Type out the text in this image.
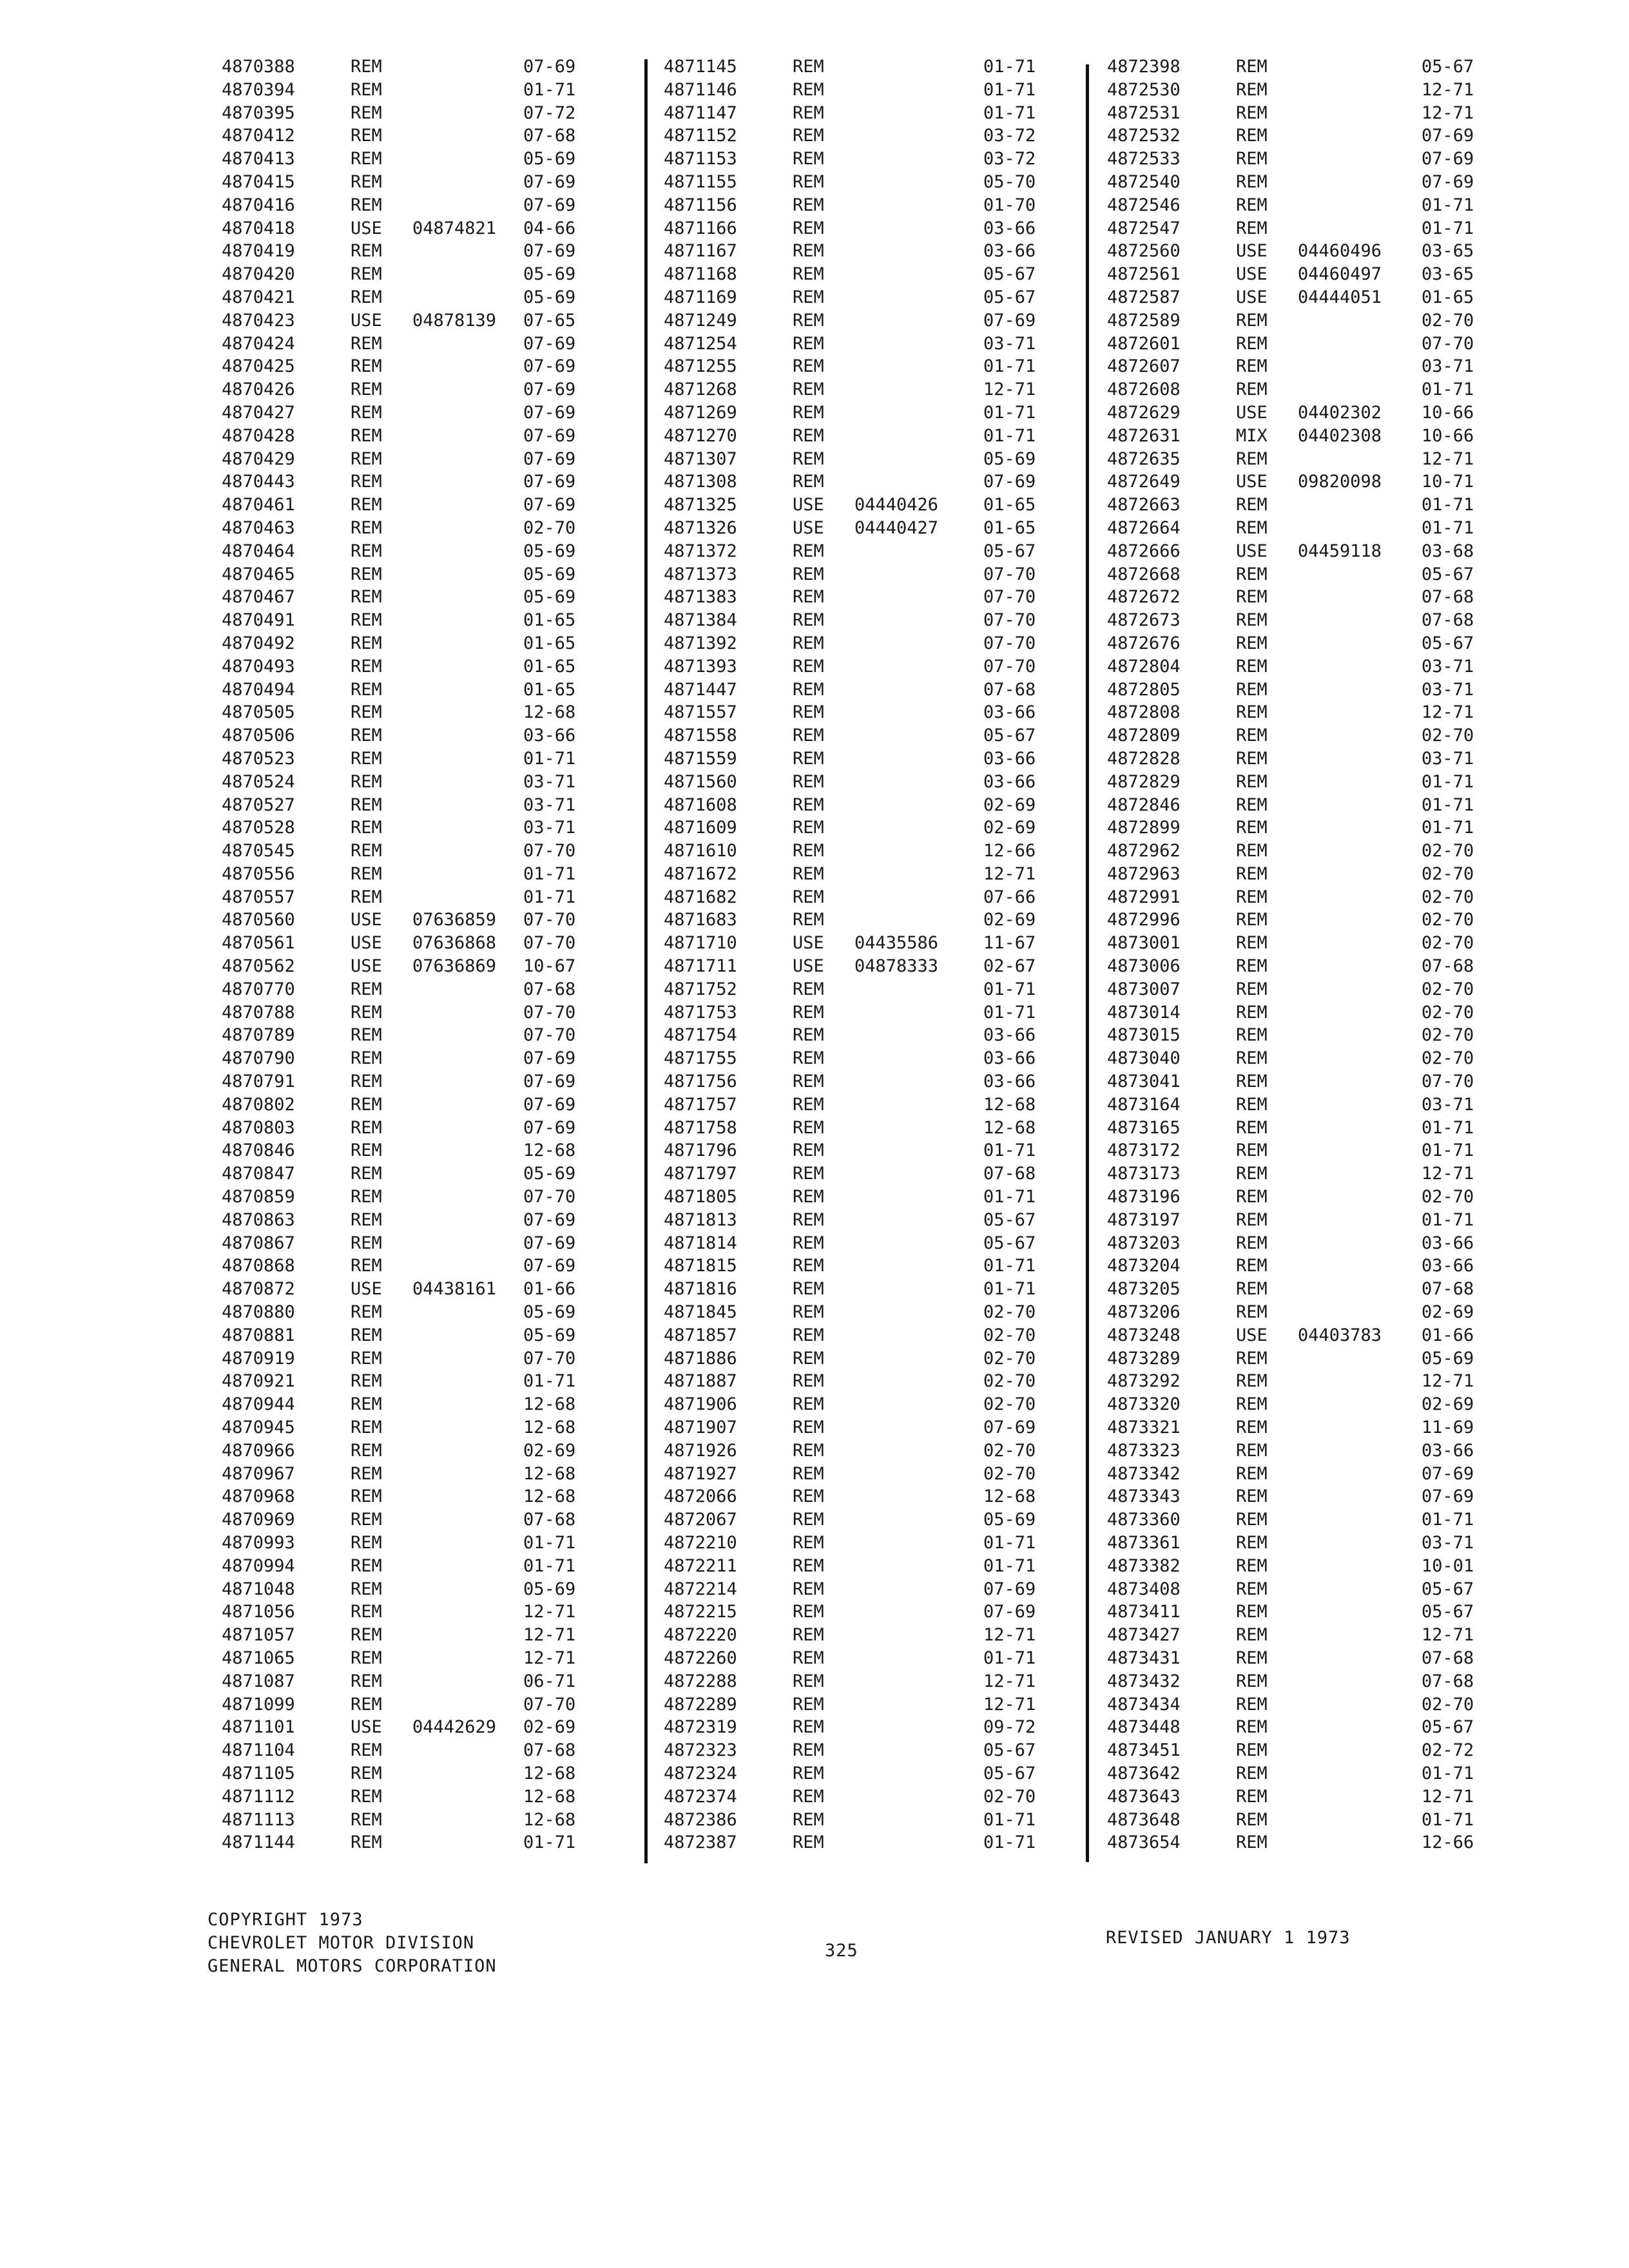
4870388	REM	07-69
4870394	REM	01-71
4870395	REM	07-72
4870412	REM	07-68
4870413	REM	05-69
4870415	REM	07-69
4870416	REM	07-69
4870418	USE 04874821 04-66
4870419	REM	07-69
4870420	REM	05-69
4870421	REM	05-69
4870423	USE 04878139 07-65
4870424	REM	07-69
4870425	REM	07-69
4870426	REM	07-69
4870427	REM	07-69
4870428	REM	07-69
4870429	REM	07-69
4870443	REM	07-69
4870461	REM	07-69
4870463	REM	02-70
4870464	REM	05-69
4870465	REM	05-69
4870467	REM	05-69
4870491	REM	01-65
4870492	REM	01-65
4870493	REM	01-65
4870494	REM	01-65
4870505	REM	12-68
4870506	REM	03-66
4870523	REM	01-71
4870524	REM	03-71
4870527	REM	03-71
4870528	REM	03-71
4870545	REM	07-70
4870556	REM	01-71
4870557	REM	01-71
4870560	USE 07636859 07-70
4870561	USE 07636868 07-70
4870562	USE 07636869 10-67
4870770	REM	07-68
4870788	REM	07-70
4870789	REM	07-70
4870790	REM	07-69
4870791	REM	07-69
4870802	REM	07-69
4870803	REM	07-69
4870846	REM	12-68
4870847	REM	05-69
4870859	REM	07-70
4870863	REM	07-69
4870867	REM	07-69
4870868	REM	07-69
4870872	USE 04438161 01-66
4870880	REM	05-69
4870881	REM	05-69
4870919	REM	07-70
4870921	REM	01-71
4870944	REM	12-68
4870945	REM	12-68
4870966	REM	02-69
4870967	REM	12-68
4870968	REM	12-68
4870969	REM	07-68
4870993	REM	01-71
4870994	REM	01-71
4871048	REM	05-69
4871056	REM	12-71
4871057	REM	12-71
4871065	REM	12-71
4871087	REM	06-71
4871099	REM	07-70
4871101	USE 04442629 02-69
4871104	REM	07-68
4871105	REM	12-68
4871112	REM	12-68
4871113	REM	12-68
4871144	REM	01-71
4871145	REM	01-71
4871146	REM	01-71
4871147	REM	01-71
4871152	REM	03-72
4871153	REM	03-72
4871155	REM	05-70
4871156	REM	01-70
4871166	REM	03-66
4871167	REM	03-66
4871168	REM	05-67
4871169	REM	05-67
4871249	REM	07-69
4871254	REM	03-71
4871255	REM	01-71
4871268	REM	12-71
4871269	REM	01-71
4871270	REM	01-71
4871307	REM	05-69
4871308	REM	07-69
4871325	USE 04440426	01-65
4871326	USE 04440427	01-65
4871372	REM	05-67
4871373	REM	07-70
4871383	REM	07-70
4871384	REM	07-70
4871392	REM	07-70
4871393	REM	07-70
4871447	REM	07-68
4871557	REM	03-66
4871558	REM	05-67
4871559	REM	03-66
4871560	REM	03-66
4871608	REM	02-69
4871609	REM	02-69
4871610	REM	12-66
4871672	REM	12-71
4871682	REM	07-66
4871683	REM	02-69
4871710	USE 04435586	11-67
4871711	USE 04878333	02-67
4871752	REM	01-71
4871753	REM	01-71
4871754	REM	03-66
4871755	REM	03-66
4871756	REM	03-66
4871757	REM	12-68
4871758	REM	12-68
4871796	REM	01-71
4871797	REM	07-68
4871805	REM	01-71
4871813	REM	05-67
4871814	REM	05-67
4871815	REM	01-71
4871816	REM	01-71
4871845	REM	02-70
4871857	REM	02-70
4871886	REM	02-70
4871887	REM	02-70
4871906	REM	02-70
4871907	REM	07-69
4871926	REM	02-70
4871927	REM	02-70
4872066	REM	12-68
4872067	REM	05-69
4872210	REM	01-71
4872211	REM	01-71
4872214	REM	07-69
4872215	REM	07-69
4872220	REM	12-71
4872260	REM	01-71
4872288	REM	12-71
4872289	REM	12-71
4872319	REM	09-72
4872323	REM	05-67
4872324	REM	05-67
4872374	REM	02-70
4872386	REM	01-71
4872387	REM	01-71
4872398	REM	05-67
4872530	REM	12-71
4872531	REM	12-71
4872532	REM	07-69
4872533	REM	07-69
4872540	REM	07-69
4872546	REM	01-71
4872547	REM	01-71
4872560	USE 04460496 03-65
4872561	USE 04460497 03-65
4872587	USE 04444051 01-65
4872589	REM	02-70
4872601	REM	07-70
4872607	REM	03-71
4872608	REM	01-71
4872629	USE 04402302 10-66
4872631	MIX 04402308 10-66
4872635	REM	12-71
4872649	USE 09820098 10-71
4872663	REM	01-71
4872664	REM	01-71
4872666	USE 04459118 03-68
4872668	REM	05-67
4872672	REM	07-68
4872673	REM	07-68
4872676	REM	05-67
4872804	REM	03-71
4872805	REM	03-71
4872808	REM	12-71
4872809	REM	02-70
4872828	REM	03-71
4872829	REM	01-71
4872846	REM	01-71
4872899	REM	01-71
4872962	REM	02-70
4872963	REM	02-70
4872991	REM	02-70
4872996	REM	02-70
4873001	REM	02-70
4873006	REM	07-68
4873007	REM	02-70
4873014	REM	02-70
4873015	REM	02-70
4873040	REM	02-70
4873041	REM	07-70
4873164	REM	03-71
4873165	REM	01-71
4873172	REM	01-71
4873173	REM	12-71
4873196	REM	02-70
4873197	REM	01-71
4873203	REM	03-66
4873204	REM	03-66
4873205	REM	07-68
4873206	REM	02-69
4873248	USE 04403783 01-66
4873289	REM	05-69
4873292	REM	12-71
4873320	REM	02-69
4873321	REM	11-69
4873323	REM	03-66
4873342	REM	07-69
4873343	REM	07-69
4873360	REM	01-71
4873361	REM	03-71
4873382	REM	10-01
4873408	REM	05-67
4873411	REM	05-67
4873427	REM	12-71
4873431	REM	07-68
4873432	REM	07-68
4873434	REM	02-70
4873448	REM	05-67
4873451	REM	02-72
4873642	REM	01-71
4873643	REM	12-71
4873648	REM	01-71
4873654	REM	12-66
COPYRIGHT 1973
CHEVROLET MOTOR DIVISION
GENERAL MOTORS CORPORATION
325
REVISED JANUARY 1 1973
